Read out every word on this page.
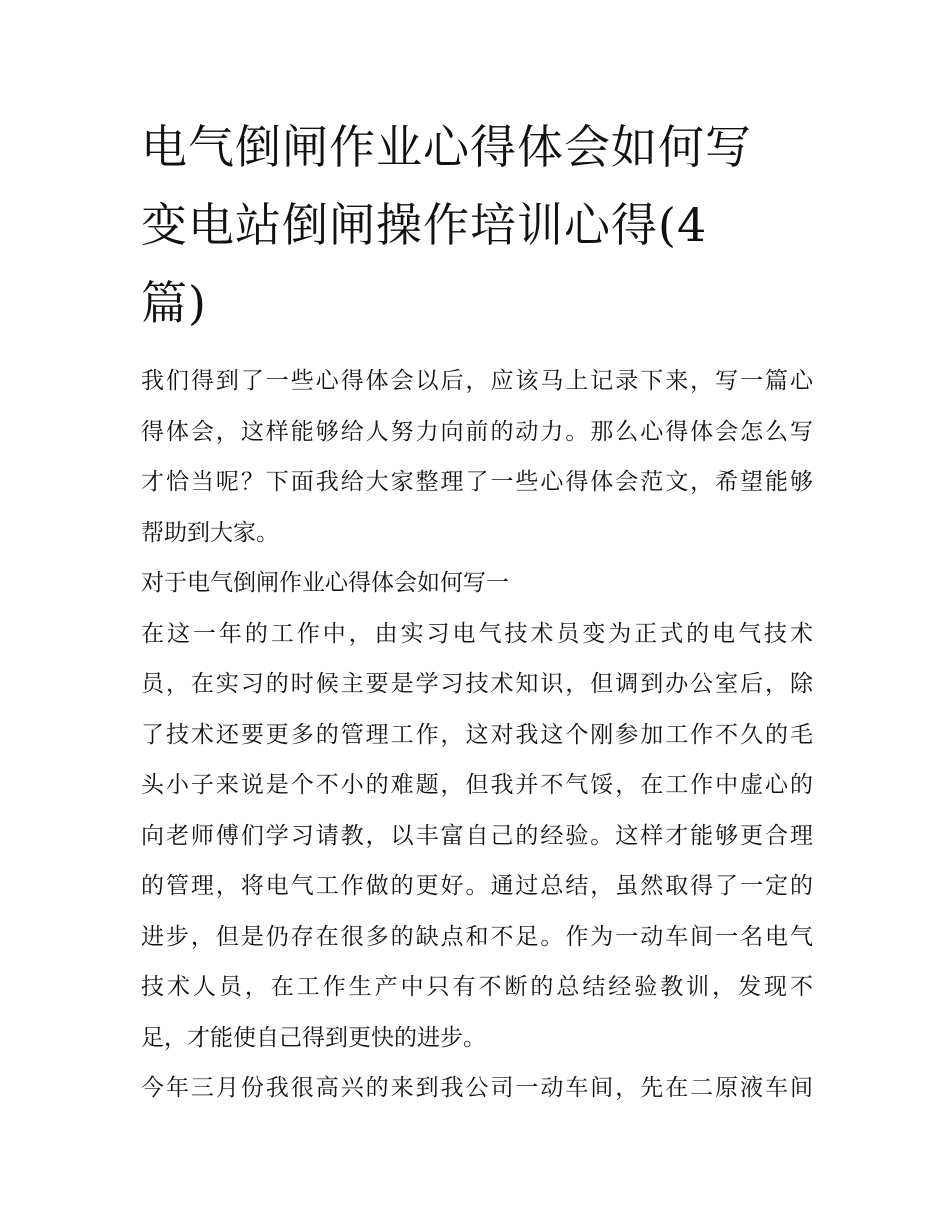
电气倒闸作业心得体会如何写
变电站倒闸操作培训心得(4
篇)

我们得到了一些心得体会以后，应该马上记录下来，写一篇心
得体会，这样能够给人努力向前的动力。那么心得体会怎么写
才恰当呢？下面我给大家整理了一些心得体会范文，希望能够
帮助到大家。

对于电气倒闸作业心得体会如何写一

在这一年的工作中，由实习电气技术员变为正式的电气技术
员，在实习的时候主要是学习技术知识，但调到办公室后，除
了技术还要更多的管理工作，这对我这个刚参加工作不久的毛
头小子来说是个不小的难题，但我并不气馁，在工作中虚心的
向老师傅们学习请教，以丰富自己的经验。这样才能够更合理
的管理，将电气工作做的更好。通过总结，虽然取得了一定的
进步，但是仍存在很多的缺点和不足。作为一动车间一名电气
技术人员，在工作生产中只有不断的总结经验教训，发现不
足，才能使自己得到更快的进步。

今年三月份我很高兴的来到我公司一动车间，先在二原液车间
